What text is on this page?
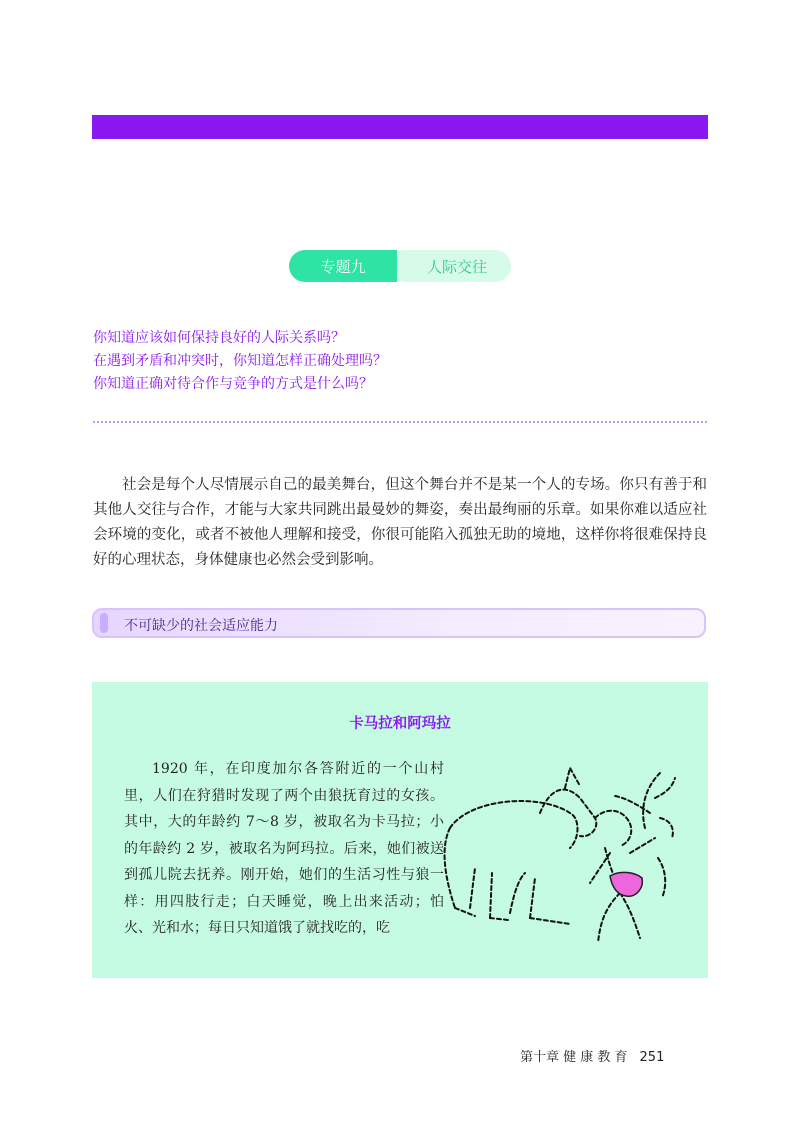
专题九	人际交往
你知道应该如何保持良好的人际关系吗？
在遇到矛盾和冲突时，你知道怎样正确处理吗？
你知道正确对待合作与竞争的方式是什么吗？

社会是每个人尽情展示自己的最美舞台，但这个舞台并不是某一个人的专场。你只有善于和其他人交往与合作，才能与大家共同跳出最曼妙的舞姿，奏出最绚丽的乐章。如果你难以适应社会环境的变化，或者不被他人理解和接受，你很可能陷入孤独无助的境地，这样你将很难保持良好的心理状态，身体健康也必然会受到影响。

不可缺少的社会适应能力
卡马拉和阿玛拉

1920 年，在印度加尔各答附近的一个山村里，人们在狩猎时发现了两个由狼抚育过的女孩。其中，大的年龄约 7～8 岁，被取名为卡马拉；小的年龄约 2 岁，被取名为阿玛拉。后来，她们被送到孤儿院去抚养。刚开始，她们的生活习性与狼一样：用四肢行走；白天睡觉，晚上出来活动；怕火、光和水；每日只知道饿了就找吃的，吃

第十章 健 康 教 育 251
